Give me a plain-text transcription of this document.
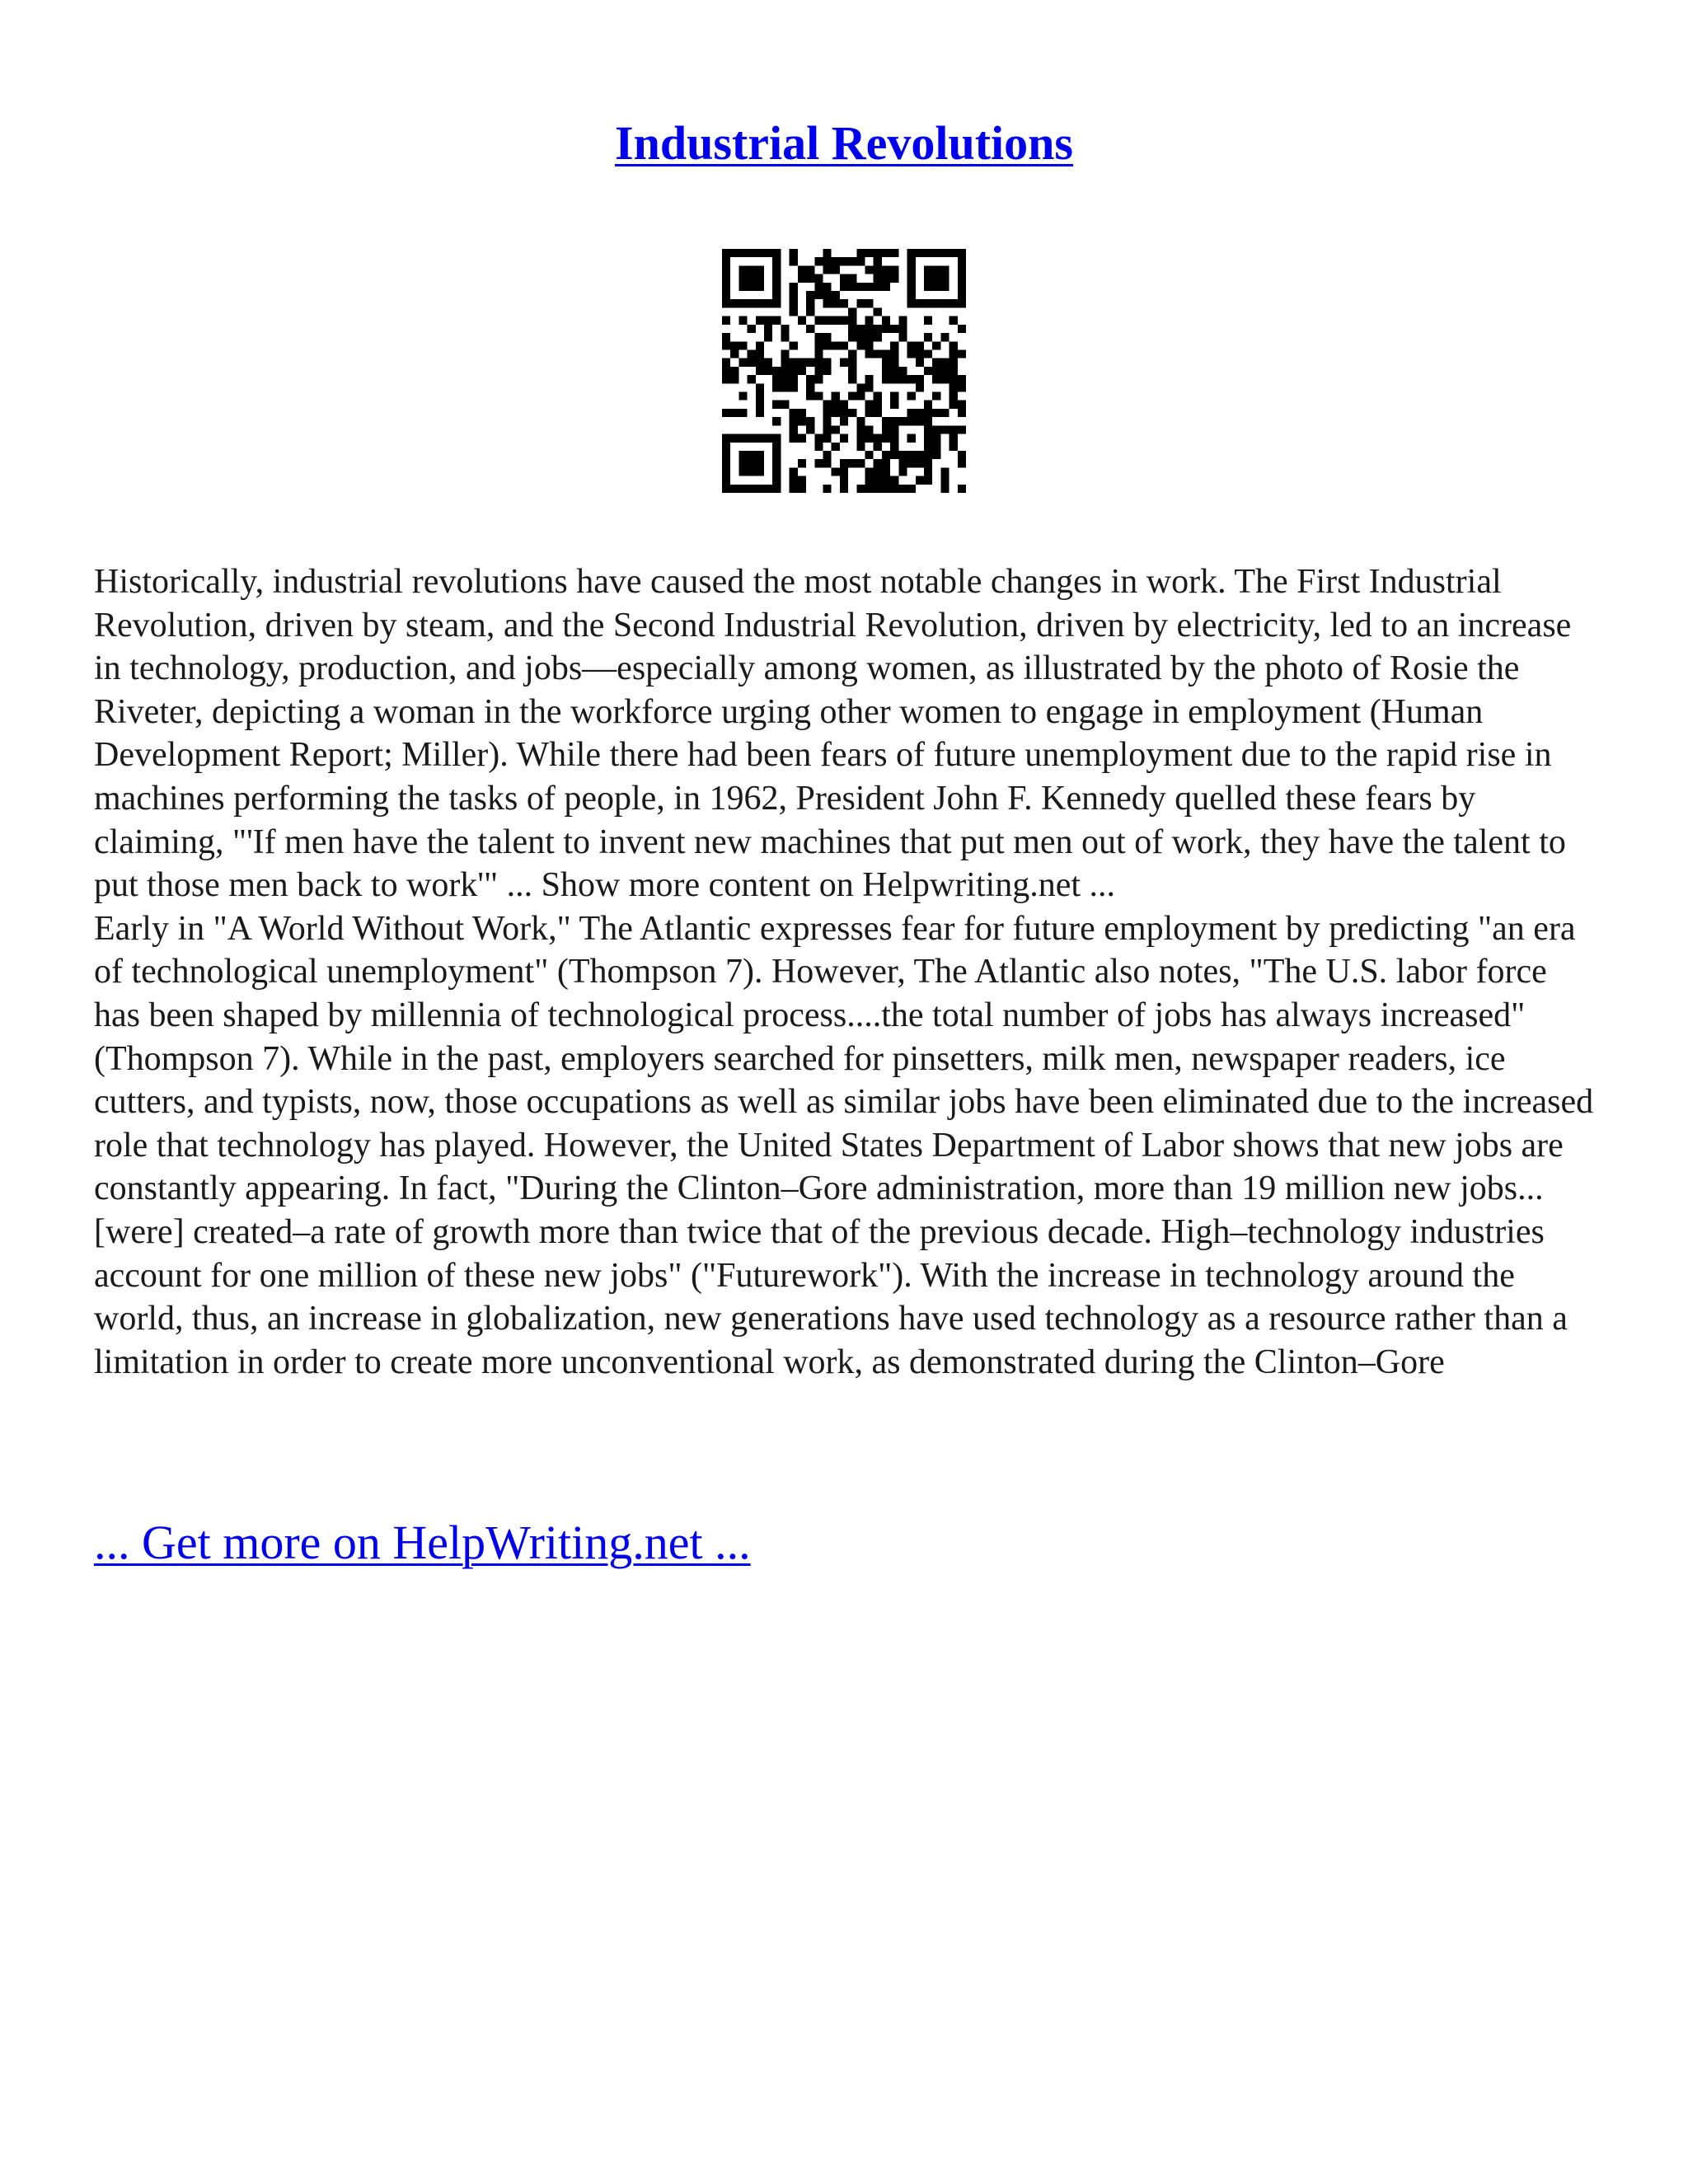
Industrial Revolutions

Historically, industrial revolutions have caused the most notable changes in work. The First Industrial Revolution, driven by steam, and the Second Industrial Revolution, driven by electricity, led to an increase in technology, production, and jobs—especially among women, as illustrated by the photo of Rosie the Riveter, depicting a woman in the workforce urging other women to engage in employment (Human Development Report; Miller). While there had been fears of future unemployment due to the rapid rise in machines performing the tasks of people, in 1962, President John F. Kennedy quelled these fears by claiming, "'If men have the talent to invent new machines that put men out of work, they have the talent to put those men back to work'" ... Show more content on Helpwriting.net ...

Early in "A World Without Work," The Atlantic expresses fear for future employment by predicting "an era of technological unemployment" (Thompson 7). However, The Atlantic also notes, "The U.S. labor force has been shaped by millennia of technological process....the total number of jobs has always increased" (Thompson 7). While in the past, employers searched for pinsetters, milk men, newspaper readers, ice cutters, and typists, now, those occupations as well as similar jobs have been eliminated due to the increased role that technology has played. However, the United States Department of Labor shows that new jobs are constantly appearing. In fact, "During the Clinton–Gore administration, more than 19 million new jobs...[were] created–a rate of growth more than twice that of the previous decade. High–technology industries account for one million of these new jobs" ("Futurework"). With the increase in technology around the world, thus, an increase in globalization, new generations have used technology as a resource rather than a limitation in order to create more unconventional work, as demonstrated during the Clinton–Gore

... Get more on HelpWriting.net ...
